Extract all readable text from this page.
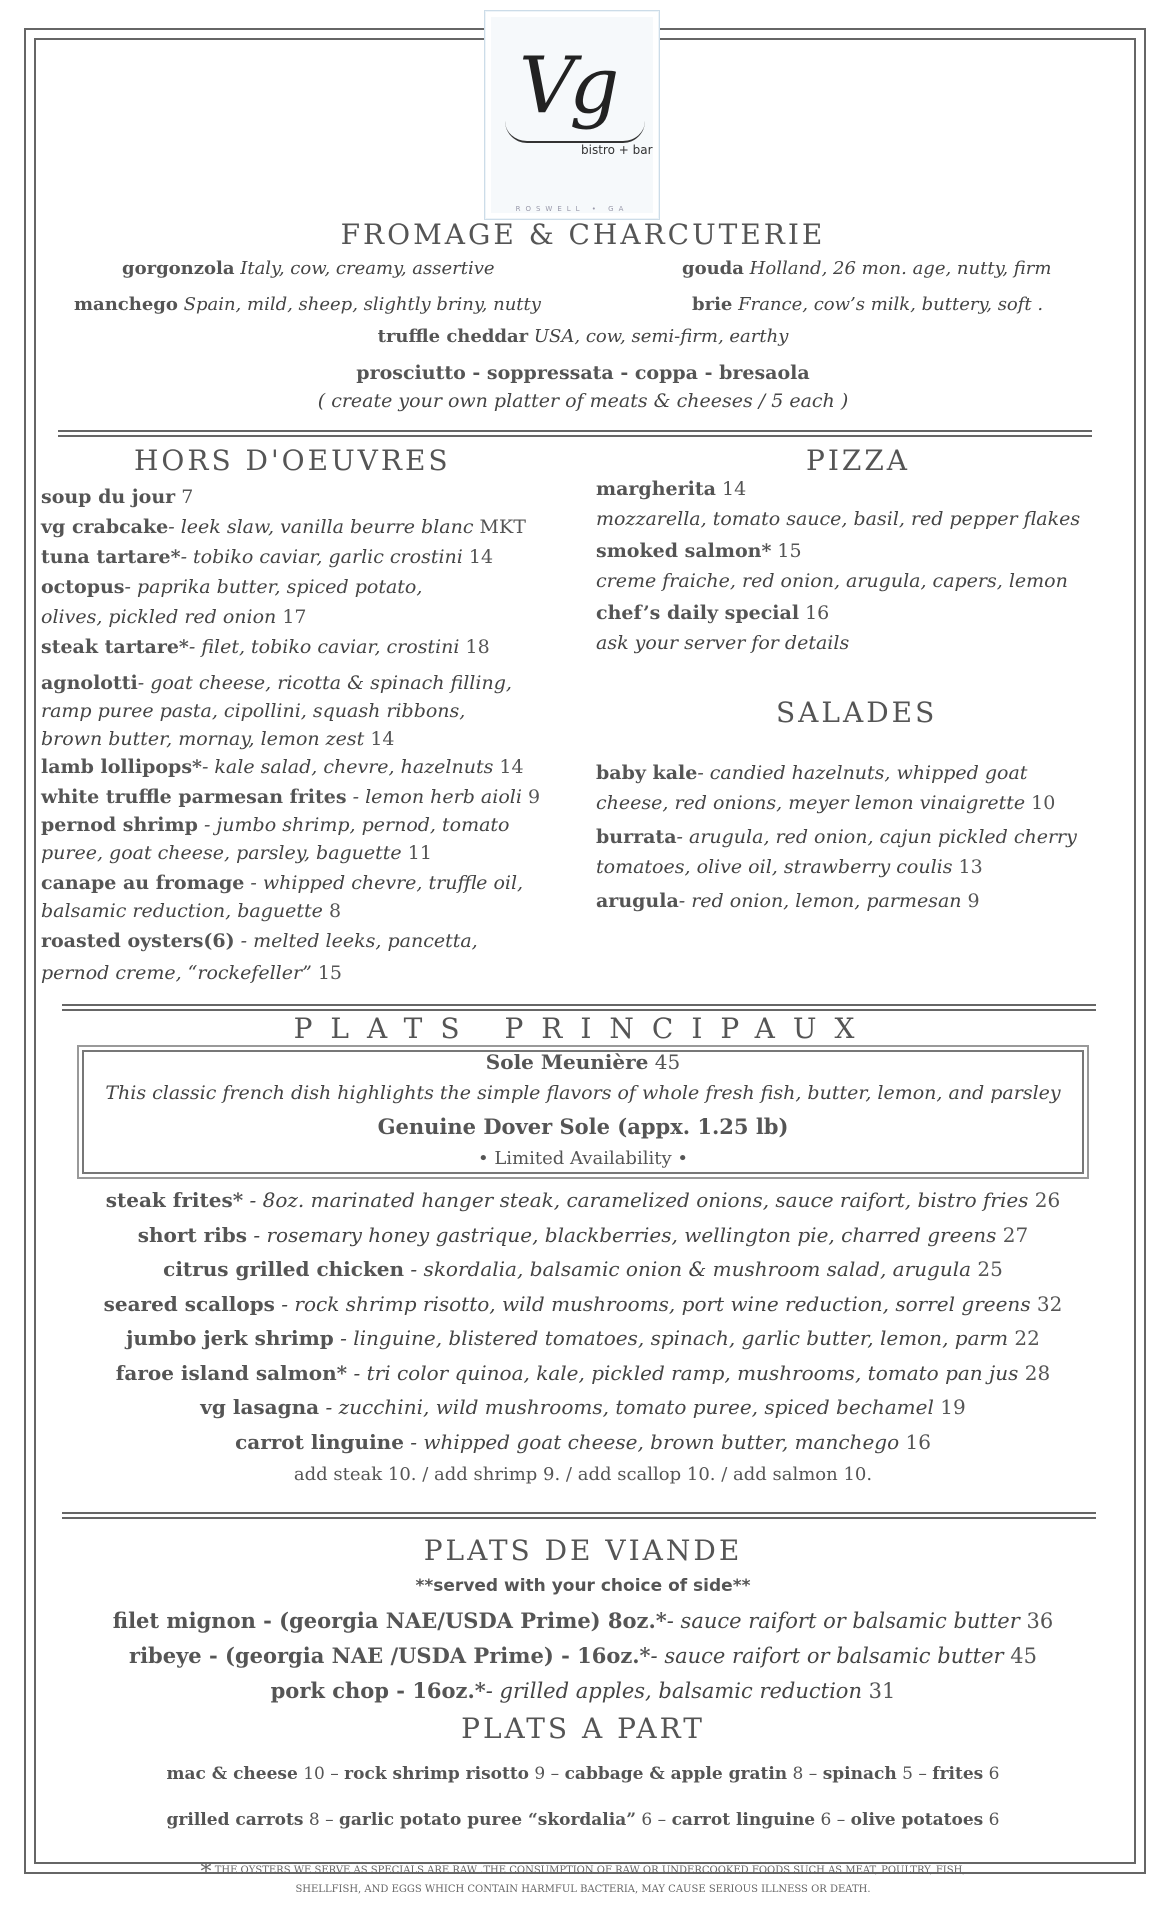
Vg
bistro + bar
ROSWELL • GA
FROMAGE & CHARCUTERIE
gorgonzola Italy, cow, creamy, assertive	gouda Holland, 26 mon. age, nutty, firm
manchego Spain, mild, sheep, slightly briny, nutty	brie France, cow’s milk, buttery, soft .
truffle cheddar USA, cow, semi-firm, earthy
prosciutto - soppressata - coppa - bresaola
( create your own platter of meats & cheeses / 5 each )
HORS D'OEUVRES
soup du jour 7
vg crabcake- leek slaw, vanilla beurre blanc MKT
tuna tartare*- tobiko caviar, garlic crostini 14
octopus- paprika butter, spiced potato,
olives, pickled red onion 17
steak tartare*- filet, tobiko caviar, crostini 18
agnolotti- goat cheese, ricotta & spinach filling,
ramp puree pasta, cipollini, squash ribbons,
brown butter, mornay, lemon zest 14
lamb lollipops*- kale salad, chevre, hazelnuts 14
white truffle parmesan frites - lemon herb aioli 9
pernod shrimp - jumbo shrimp, pernod, tomato
puree, goat cheese, parsley, baguette 11
canape au fromage - whipped chevre, truffle oil,
balsamic reduction, baguette 8
roasted oysters(6) - melted leeks, pancetta,
pernod creme, “rockefeller” 15
PIZZA
margherita 14
mozzarella, tomato sauce, basil, red pepper flakes
smoked salmon* 15
creme fraiche, red onion, arugula, capers, lemon
chef’s daily special 16
ask your server for details
SALADES
baby kale- candied hazelnuts, whipped goat
cheese, red onions, meyer lemon vinaigrette 10
burrata- arugula, red onion, cajun pickled cherry
tomatoes, olive oil, strawberry coulis 13
arugula- red onion, lemon, parmesan 9
PLATS PRINCIPAUX
Sole Meunière 45
This classic french dish highlights the simple flavors of whole fresh fish, butter, lemon, and parsley
Genuine Dover Sole (appx. 1.25 lb)
• Limited Availability •
steak frites* - 8oz. marinated hanger steak, caramelized onions, sauce raifort, bistro fries 26
short ribs - rosemary honey gastrique, blackberries, wellington pie, charred greens 27
citrus grilled chicken - skordalia, balsamic onion & mushroom salad, arugula 25
seared scallops - rock shrimp risotto, wild mushrooms, port wine reduction, sorrel greens 32
jumbo jerk shrimp - linguine, blistered tomatoes, spinach, garlic butter, lemon, parm 22
faroe island salmon* - tri color quinoa, kale, pickled ramp, mushrooms, tomato pan jus 28
vg lasagna - zucchini, wild mushrooms, tomato puree, spiced bechamel 19
carrot linguine - whipped goat cheese, brown butter, manchego 16
add steak 10. / add shrimp 9. / add scallop 10. / add salmon 10.
PLATS DE VIANDE
**served with your choice of side**
filet mignon - (georgia NAE/USDA Prime) 8oz.*- sauce raifort or balsamic butter 36
ribeye - (georgia NAE /USDA Prime) - 16oz.*- sauce raifort or balsamic butter 45
pork chop - 16oz.*- grilled apples, balsamic reduction 31
PLATS A PART
mac & cheese 10 – rock shrimp risotto 9 – cabbage & apple gratin 8 – spinach 5 – frites 6
grilled carrots 8 – garlic potato puree “skordalia” 6 – carrot linguine 6 – olive potatoes 6
* THE OYSTERS WE SERVE AS SPECIALS ARE RAW .THE CONSUMPTION OF RAW OR UNDERCOOKED FOODS SUCH AS MEAT, POULTRY, FISH,
SHELLFISH, AND EGGS WHICH CONTAIN HARMFUL BACTERIA, MAY CAUSE SERIOUS ILLNESS OR DEATH.
